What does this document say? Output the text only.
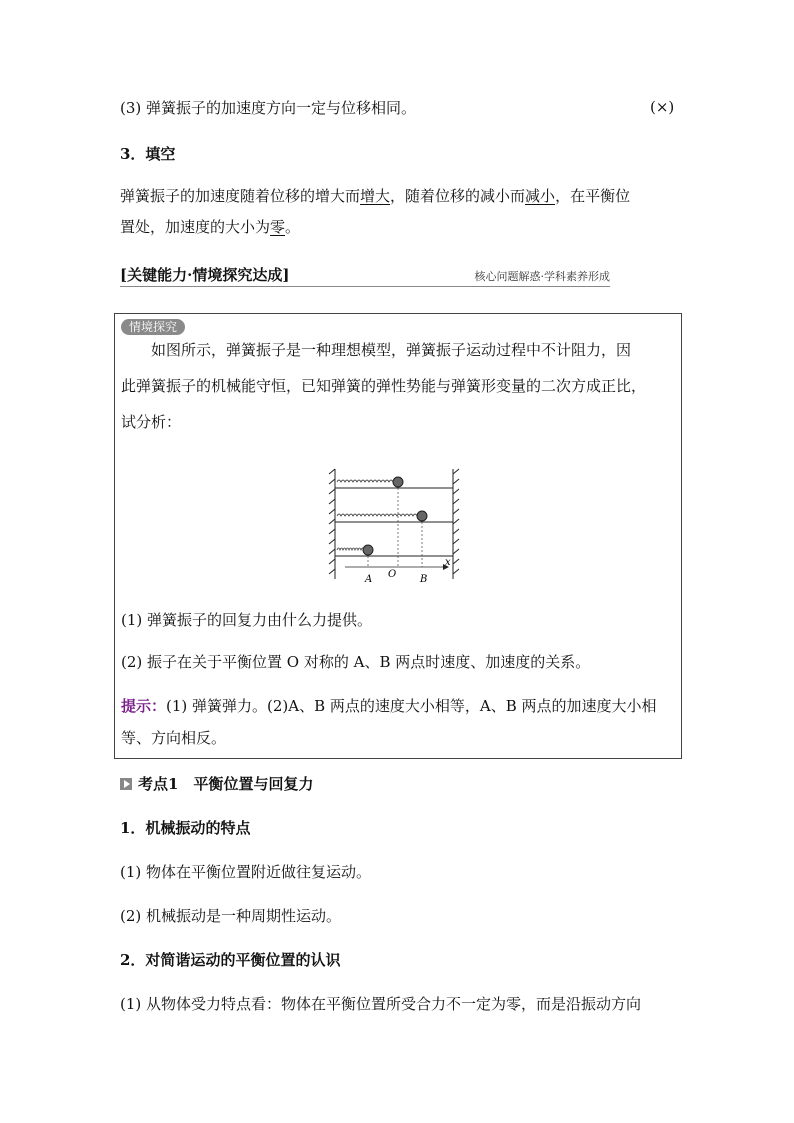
(3) 弹簧振子的加速度方向一定与位移相同。	(×)
3．填空
弹簧振子的加速度随着位移的增大而增大，随着位移的减小而减小，在平衡位
置处，加速度的大小为零。
[关键能力·情境探究达成]	核心问题解惑·学科素养形成
情境探究
如图所示，弹簧振子是一种理想模型，弹簧振子运动过程中不计阻力，因
此弹簧振子的机械能守恒，已知弹簧的弹性势能与弹簧形变量的二次方成正比，
试分析：
A O B
x
(1) 弹簧振子的回复力由什么力提供。
(2) 振子在关于平衡位置 O 对称的 A、B 两点时速度、加速度的关系。
提示：(1) 弹簧弹力。(2)A、B 两点的速度大小相等，A、B 两点的加速度大小相
等、方向相反。
考点1　平衡位置与回复力
1．机械振动的特点
(1) 物体在平衡位置附近做往复运动。
(2) 机械振动是一种周期性运动。
2．对简谐运动的平衡位置的认识
(1) 从物体受力特点看：物体在平衡位置所受合力不一定为零，而是沿振动方向
